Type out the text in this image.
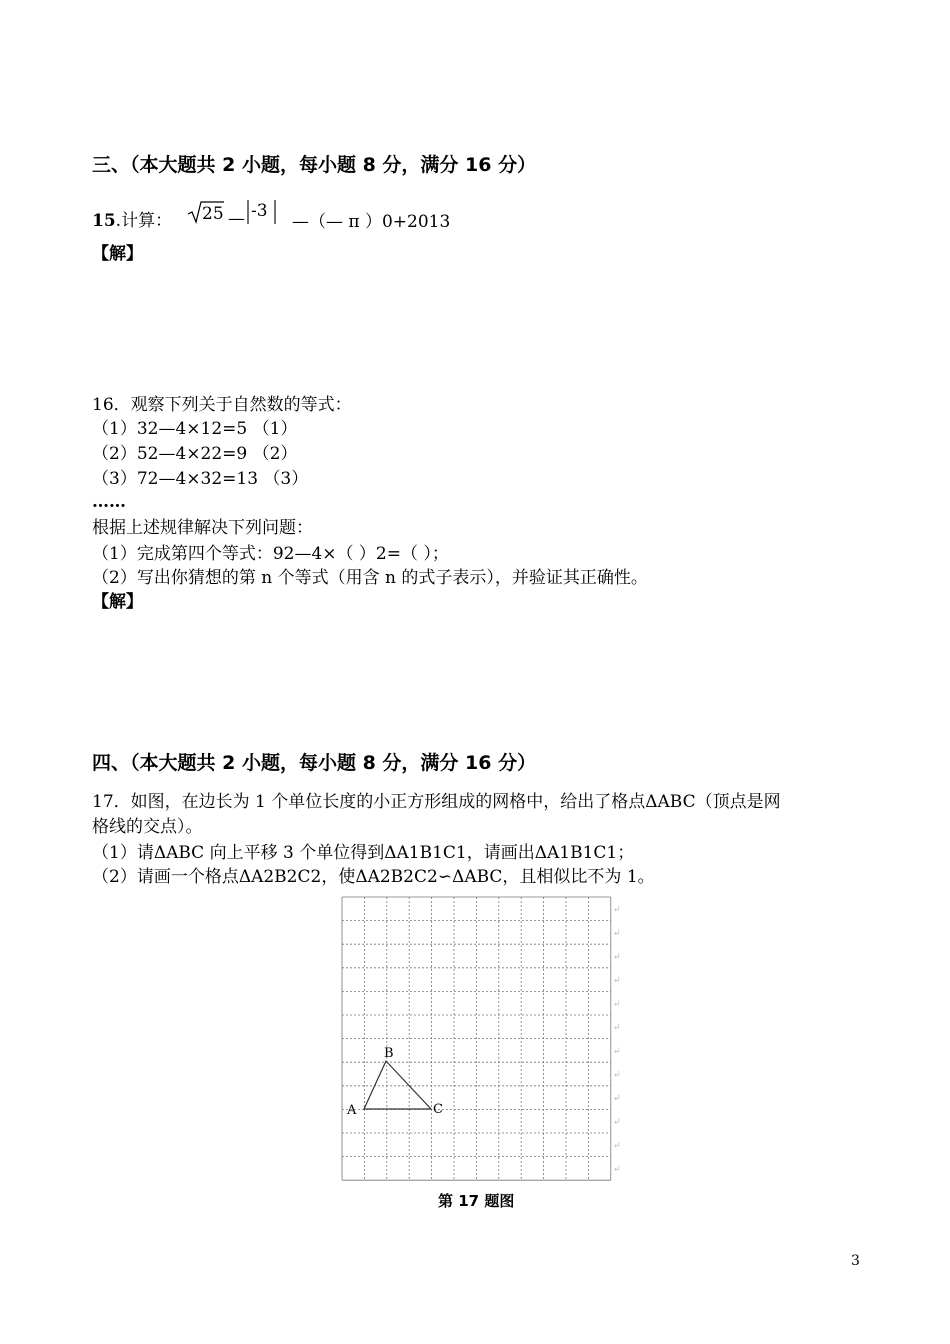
三、（本大题共 2 小题，每小题 8 分，满分 16 分）
15.计算： 25 — -3
—（— π ）0+2013
【解】
16．观察下列关于自然数的等式：
（1）32—4×12=5 （1）
（2）52—4×22=9 （2）
（3）72—4×32=13 （3）
……
根据上述规律解决下列问题：
（1）完成第四个等式：92—4×（ ）2=（ ）；
（2）写出你猜想的第 n 个等式（用含 n 的式子表示），并验证其正确性。
【解】
四、（本大题共 2 小题，每小题 8 分，满分 16 分）
17．如图，在边长为 1 个单位长度的小正方形组成的网格中，给出了格点ΔABC（顶点是网
格线的交点）。
（1）请ΔABC 向上平移 3 个单位得到ΔA1B1C1，请画出ΔA1B1C1；
（2）请画一个格点ΔA2B2C2，使ΔA2B2C2∽ΔABC，且相似比不为 1。
A
B
C
第 17 题图
3
